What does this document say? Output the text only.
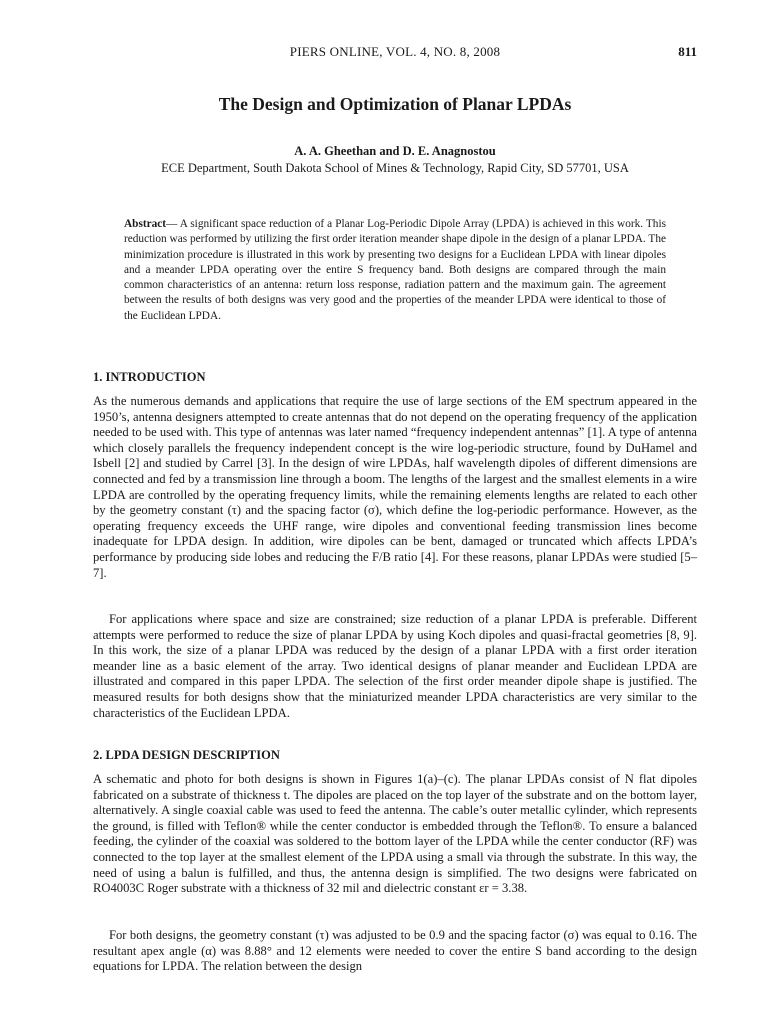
PIERS ONLINE, VOL. 4, NO. 8, 2008	811
The Design and Optimization of Planar LPDAs
A. A. Gheethan and D. E. Anagnostou
ECE Department, South Dakota School of Mines & Technology, Rapid City, SD 57701, USA
Abstract— A significant space reduction of a Planar Log-Periodic Dipole Array (LPDA) is achieved in this work. This reduction was performed by utilizing the first order iteration meander shape dipole in the design of a planar LPDA. The minimization procedure is illustrated in this work by presenting two designs for a Euclidean LPDA with linear dipoles and a meander LPDA operating over the entire S frequency band. Both designs are compared through the main common characteristics of an antenna: return loss response, radiation pattern and the maximum gain. The agreement between the results of both designs was very good and the properties of the meander LPDA were identical to those of the Euclidean LPDA.
1. INTRODUCTION

As the numerous demands and applications that require the use of large sections of the EM spectrum appeared in the 1950’s, antenna designers attempted to create antennas that do not depend on the operating frequency of the application needed to be used with. This type of antennas was later named “frequency independent antennas” [1]. A type of antenna which closely parallels the frequency independent concept is the wire log-periodic structure, found by DuHamel and Isbell [2] and studied by Carrel [3]. In the design of wire LPDAs, half wavelength dipoles of different dimensions are connected and fed by a transmission line through a boom. The lengths of the largest and the smallest elements in a wire LPDA are controlled by the operating frequency limits, while the remaining elements lengths are related to each other by the geometry constant (τ) and the spacing factor (σ), which define the log-periodic performance. However, as the operating frequency exceeds the UHF range, wire dipoles and conventional feeding transmission lines become inadequate for LPDA design. In addition, wire dipoles can be bent, damaged or truncated which affects LPDA’s performance by producing side lobes and reducing the F/B ratio [4]. For these reasons, planar LPDAs were studied [5–7].

For applications where space and size are constrained; size reduction of a planar LPDA is preferable. Different attempts were performed to reduce the size of planar LPDA by using Koch dipoles and quasi-fractal geometries [8, 9]. In this work, the size of a planar LPDA was reduced by the design of a planar LPDA with a first order iteration meander line as a basic element of the array. Two identical designs of planar meander and Euclidean LPDA are illustrated and compared in this paper LPDA. The selection of the first order meander dipole shape is justified. The measured results for both designs show that the miniaturized meander LPDA characteristics are very similar to the characteristics of the Euclidean LPDA.

2. LPDA DESIGN DESCRIPTION

A schematic and photo for both designs is shown in Figures 1(a)–(c). The planar LPDAs consist of N flat dipoles fabricated on a substrate of thickness t. The dipoles are placed on the top layer of the substrate and on the bottom layer, alternatively. A single coaxial cable was used to feed the antenna. The cable’s outer metallic cylinder, which represents the ground, is filled with Teflon® while the center conductor is embedded through the Teflon®. To ensure a balanced feeding, the cylinder of the coaxial was soldered to the bottom layer of the LPDA while the center conductor (RF) was connected to the top layer at the smallest element of the LPDA using a small via through the substrate. In this way, the need of using a balun is fulfilled, and thus, the antenna design is simplified. The two designs were fabricated on RO4003C Roger substrate with a thickness of 32 mil and dielectric constant εr = 3.38.

For both designs, the geometry constant (τ) was adjusted to be 0.9 and the spacing factor (σ) was equal to 0.16. The resultant apex angle (α) was 8.88° and 12 elements were needed to cover the entire S band according to the design equations for LPDA. The relation between the design
